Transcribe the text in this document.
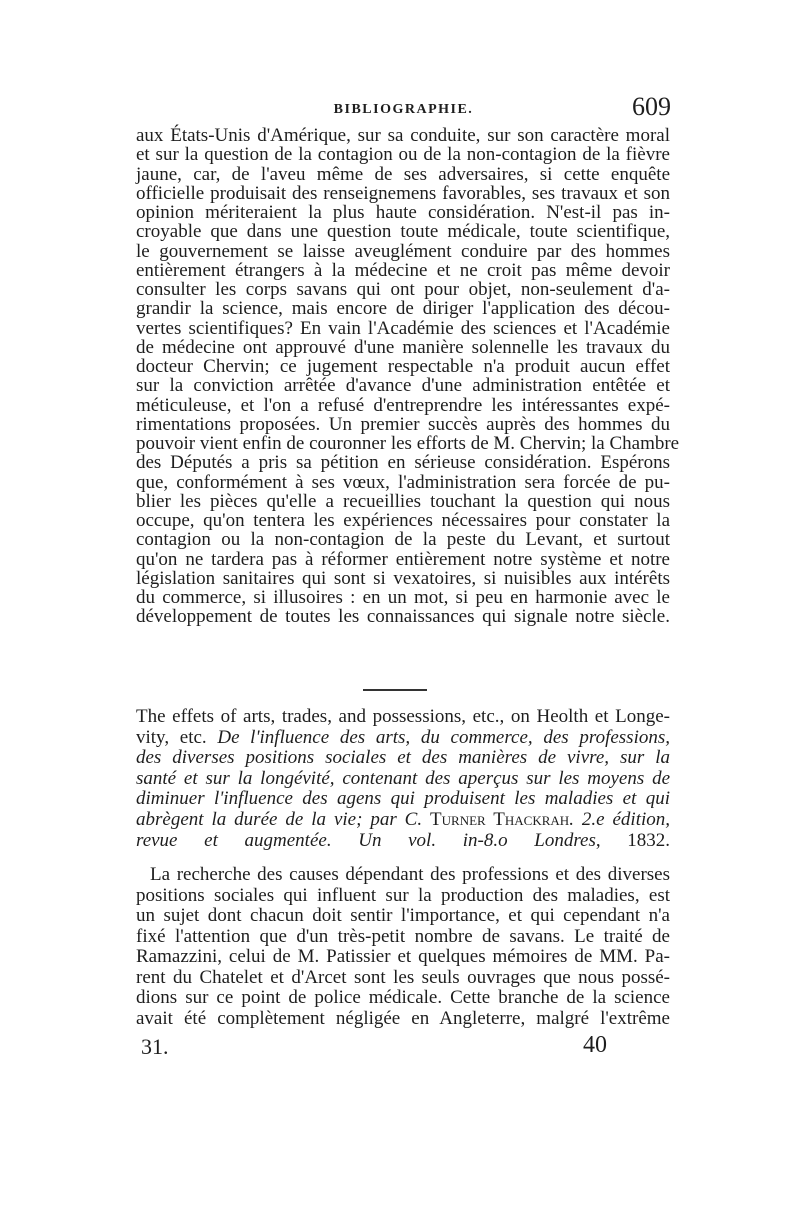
BIBLIOGRAPHIE.	609
aux États-Unis d'Amérique, sur sa conduite, sur son caractère moral
et sur la question de la contagion ou de la non-contagion de la fièvre
jaune, car, de l'aveu même de ses adversaires, si cette enquête
officielle produisait des renseignemens favorables, ses travaux et son
opinion mériteraient la plus haute considération. N'est-il pas in-
croyable que dans une question toute médicale, toute scientifique,
le gouvernement se laisse aveuglément conduire par des hommes
entièrement étrangers à la médecine et ne croit pas même devoir
consulter les corps savans qui ont pour objet, non-seulement d'a-
grandir la science, mais encore de diriger l'application des décou-
vertes scientifiques? En vain l'Académie des sciences et l'Académie
de médecine ont approuvé d'une manière solennelle les travaux du
docteur Chervin; ce jugement respectable n'a produit aucun effet
sur la conviction arrêtée d'avance d'une administration entêtée et
méticuleuse, et l'on a refusé d'entreprendre les intéressantes expé-
rimentations proposées. Un premier succès auprès des hommes du
pouvoir vient enfin de couronner les efforts de M. Chervin; la Chambre
des Députés a pris sa pétition en sérieuse considération. Espérons
que, conformément à ses vœux, l'administration sera forcée de pu-
blier les pièces qu'elle a recueillies touchant la question qui nous
occupe, qu'on tentera les expériences nécessaires pour constater la
contagion ou la non-contagion de la peste du Levant, et surtout
qu'on ne tardera pas à réformer entièrement notre système et notre
législation sanitaires qui sont si vexatoires, si nuisibles aux intérêts
du commerce, si illusoires : en un mot, si peu en harmonie avec le
développement de toutes les connaissances qui signale notre siècle.
The effets of arts, trades, and possessions, etc., on Heolth et Longe-
vity, etc. De l'influence des arts, du commerce, des professions,
des diverses positions sociales et des manières de vivre, sur la
santé et sur la longévité, contenant des aperçus sur les moyens de
diminuer l'influence des agens qui produisent les maladies et qui
abrègent la durée de la vie; par C. Turner Thackrah. 2.e édition,
revue et augmentée. Un vol. in-8.o Londres, 1832.
La recherche des causes dépendant des professions et des diverses
positions sociales qui influent sur la production des maladies, est
un sujet dont chacun doit sentir l'importance, et qui cependant n'a
fixé l'attention que d'un très-petit nombre de savans. Le traité de
Ramazzini, celui de M. Patissier et quelques mémoires de MM. Pa-
rent du Chatelet et d'Arcet sont les seuls ouvrages que nous possé-
dions sur ce point de police médicale. Cette branche de la science
avait été complètement négligée en Angleterre, malgré l'extrême
31.	40
